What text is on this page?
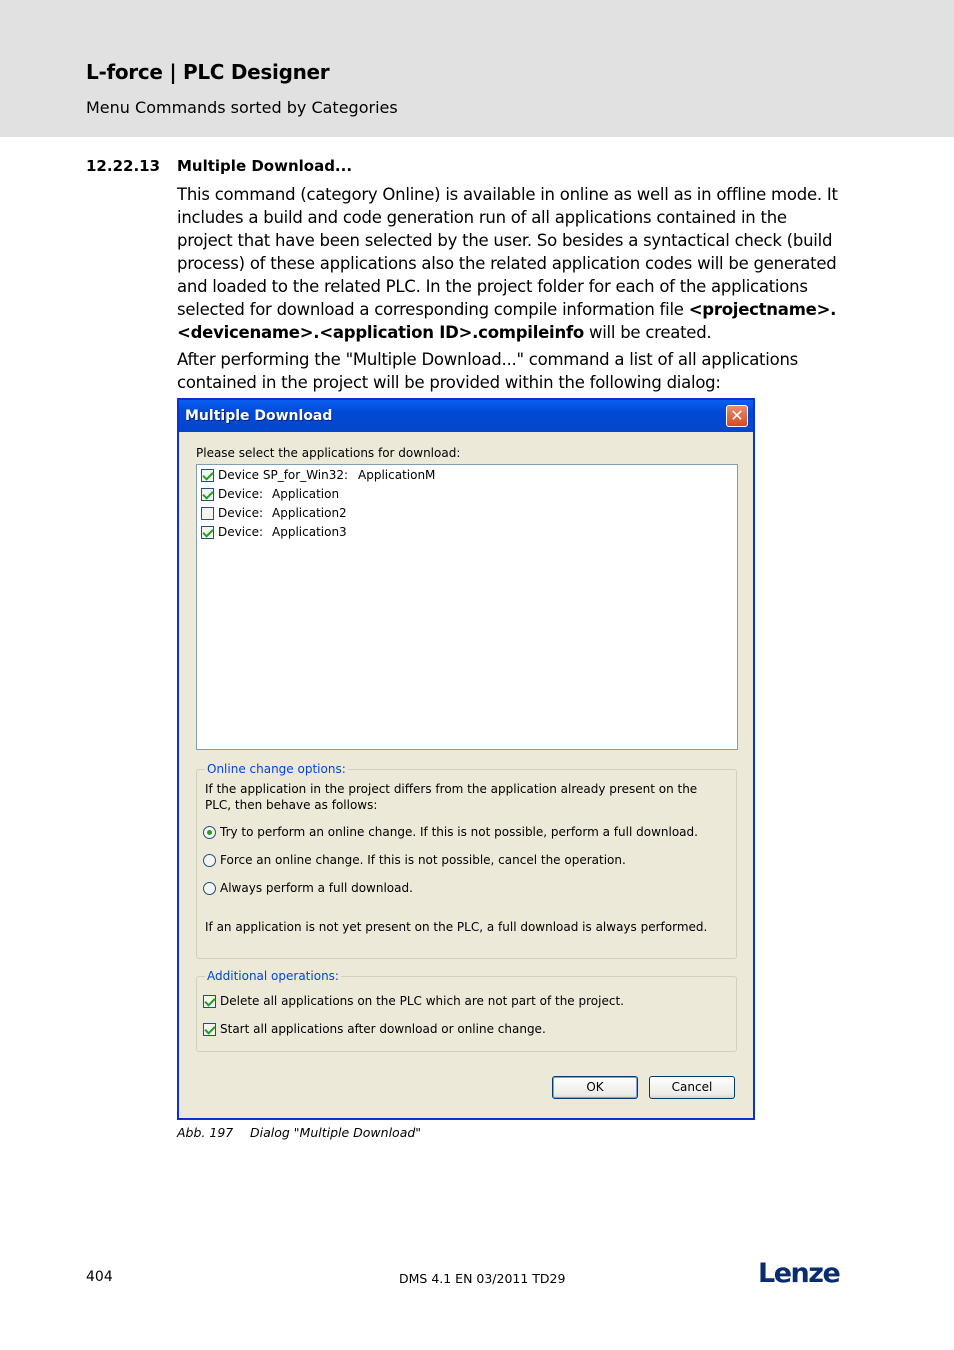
L-force | PLC Designer
Menu Commands sorted by Categories
12.22.13 Multiple Download...
This command (category Online) is available in online as well as in offline mode. It includes a build and code generation run of all applications contained in the project that have been selected by the user. So besides a syntactical check (build process) of these applications also the related application codes will be generated and loaded to the related PLC. In the project folder for each of the applications selected for download a corresponding compile information file <projectname>.<devicename>.<application ID>.compileinfo will be created.
After performing the "Multiple Download..." command a list of all applications contained in the project will be provided within the following dialog:
Multiple Download	✕
Please select the applications for download:
Device SP_for_Win32: ApplicationM
Device: Application
Device: Application2
Device: Application3
Online change options:
If the application in the project differs from the application already present on the PLC, then behave as follows:
Try to perform an online change. If this is not possible, perform a full download.
Force an online change. If this is not possible, cancel the operation.
Always perform a full download.
If an application is not yet present on the PLC, a full download is always performed.
Additional operations:
Delete all applications on the PLC which are not part of the project.
Start all applications after download or online change.
OK	Cancel
Abb. 197 Dialog "Multiple Download"
404	DMS 4.1 EN 03/2011 TD29	Lenze
